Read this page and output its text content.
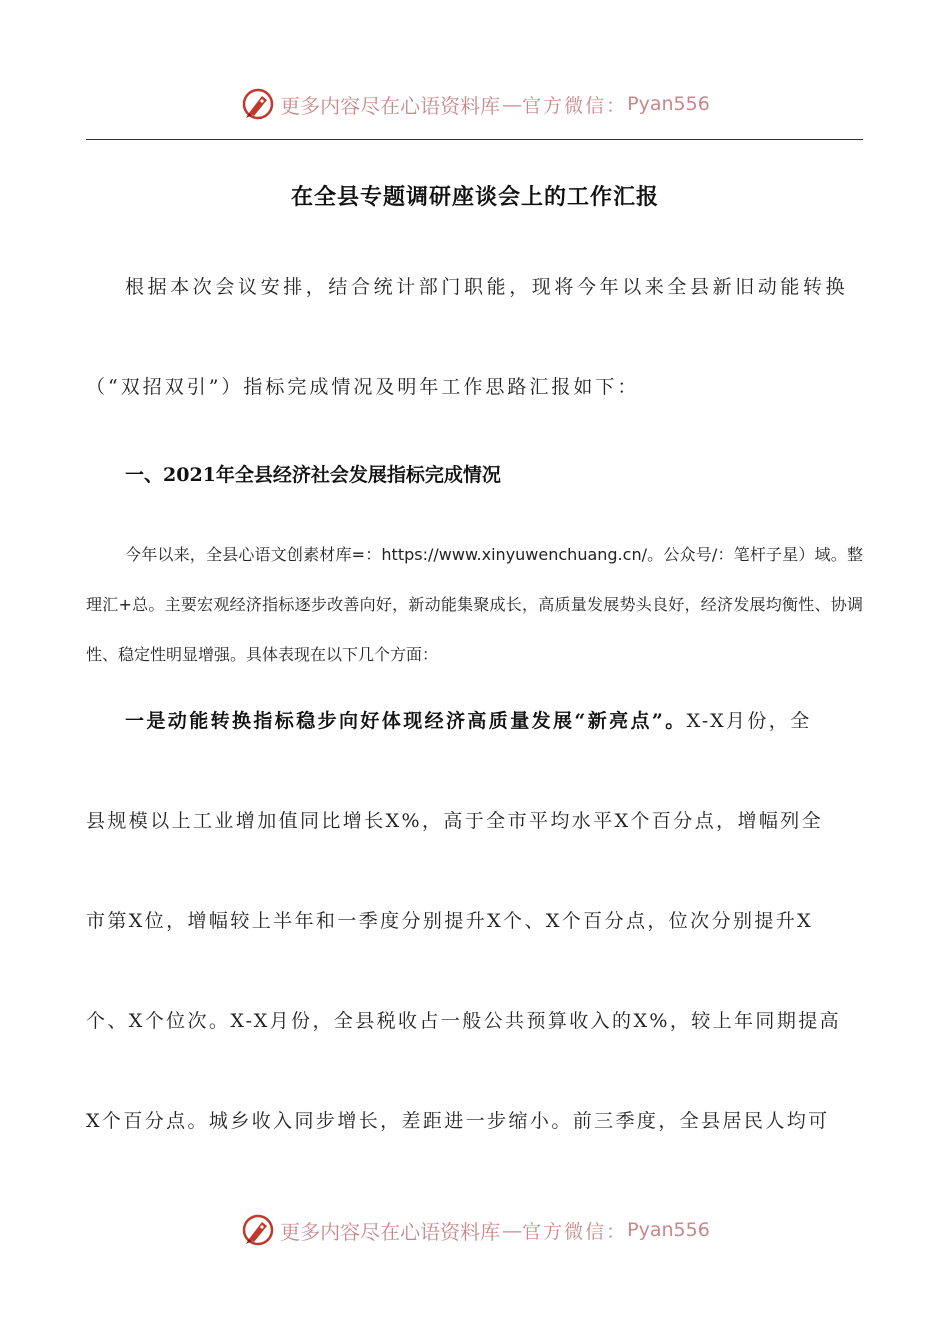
更多内容尽在心语资料库 — 官方微信： Pyan556
在全县专题调研座谈会上的工作汇报
根据本次会议安排，结合统计部门职能，现将今年以来全县新旧动能转换
（“双招双引”）指标完成情况及明年工作思路汇报如下：
一、2021年全县经济社会发展指标完成情况
今年以来，全县心语文创素材库=：https://www.xinyuwenchuang.cn/。公众号/：笔杆子星）域。整理汇+总。主要宏观经济指标逐步改善向好，新动能集聚成长，高质量发展势头良好，经济发展均衡性、协调性、稳定性明显增强。具体表现在以下几个方面：
一是动能转换指标稳步向好体现经济高质量发展“新亮点”。X-X月份，全
县规模以上工业增加值同比增长X%，高于全市平均水平X个百分点，增幅列全
市第X位，增幅较上半年和一季度分别提升X个、X个百分点，位次分别提升X
个、X个位次。X-X月份，全县税收占一般公共预算收入的X%，较上年同期提高
X个百分点。城乡收入同步增长，差距进一步缩小。前三季度，全县居民人均可
更多内容尽在心语资料库 — 官方微信： Pyan556
